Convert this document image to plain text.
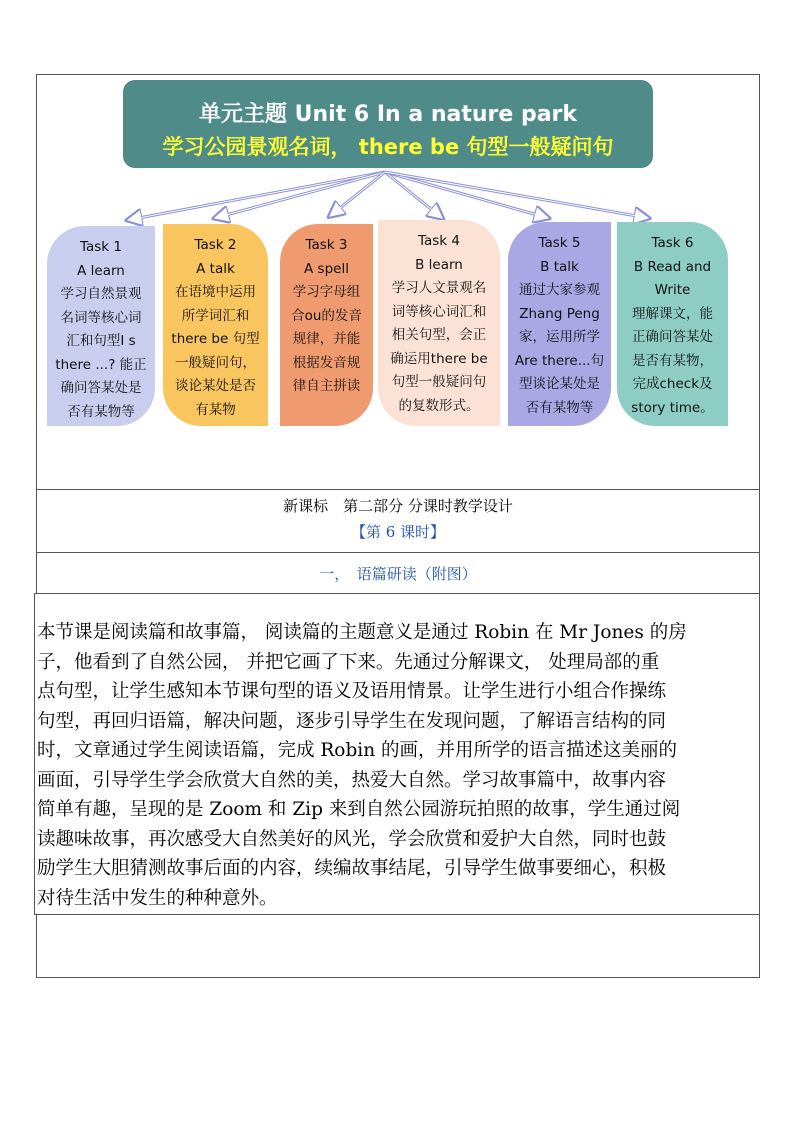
单元主题 Unit 6 In a nature park
学习公园景观名词， there be 句型一般疑问句
Task 1
A learn
学习自然景观
名词等核心词
汇和句型I s
there ...? 能正
确问答某处是
否有某物等
Task 2
A talk
在语境中运用
所学词汇和
there be 句型
一般疑问句，
谈论某处是否
有某物
Task 3
A spell
学习字母组
合ou的发音
规律，并能
根据发音规
律自主拼读
Task 4
B learn
学习人文景观名
词等核心词汇和
相关句型，会正
确运用there be
句型一般疑问句
的复数形式。
Task 5
B talk
通过大家参观
Zhang Peng
家，运用所学
Are there...句
型谈论某处是
否有某物等
Task 6
B Read and
Write
理解课文，能
正确问答某处
是否有某物，
完成check及
story time。
新课标　第二部分 分课时教学设计
【第 6 课时】
一，　语篇研读（附图）
本节课是阅读篇和故事篇， 阅读篇的主题意义是通过 Robin 在 Mr Jones 的房
子，他看到了自然公园， 并把它画了下来。先通过分解课文， 处理局部的重
点句型，让学生感知本节课句型的语义及语用情景。让学生进行小组合作操练
句型，再回归语篇，解决问题，逐步引导学生在发现问题，了解语言结构的同
时，文章通过学生阅读语篇，完成 Robin 的画，并用所学的语言描述这美丽的
画面，引导学生学会欣赏大自然的美，热爱大自然。学习故事篇中，故事内容
简单有趣，呈现的是 Zoom 和 Zip 来到自然公园游玩拍照的故事，学生通过阅
读趣味故事，再次感受大自然美好的风光，学会欣赏和爱护大自然，同时也鼓
励学生大胆猜测故事后面的内容，续编故事结尾，引导学生做事要细心，积极
对待生活中发生的种种意外。
